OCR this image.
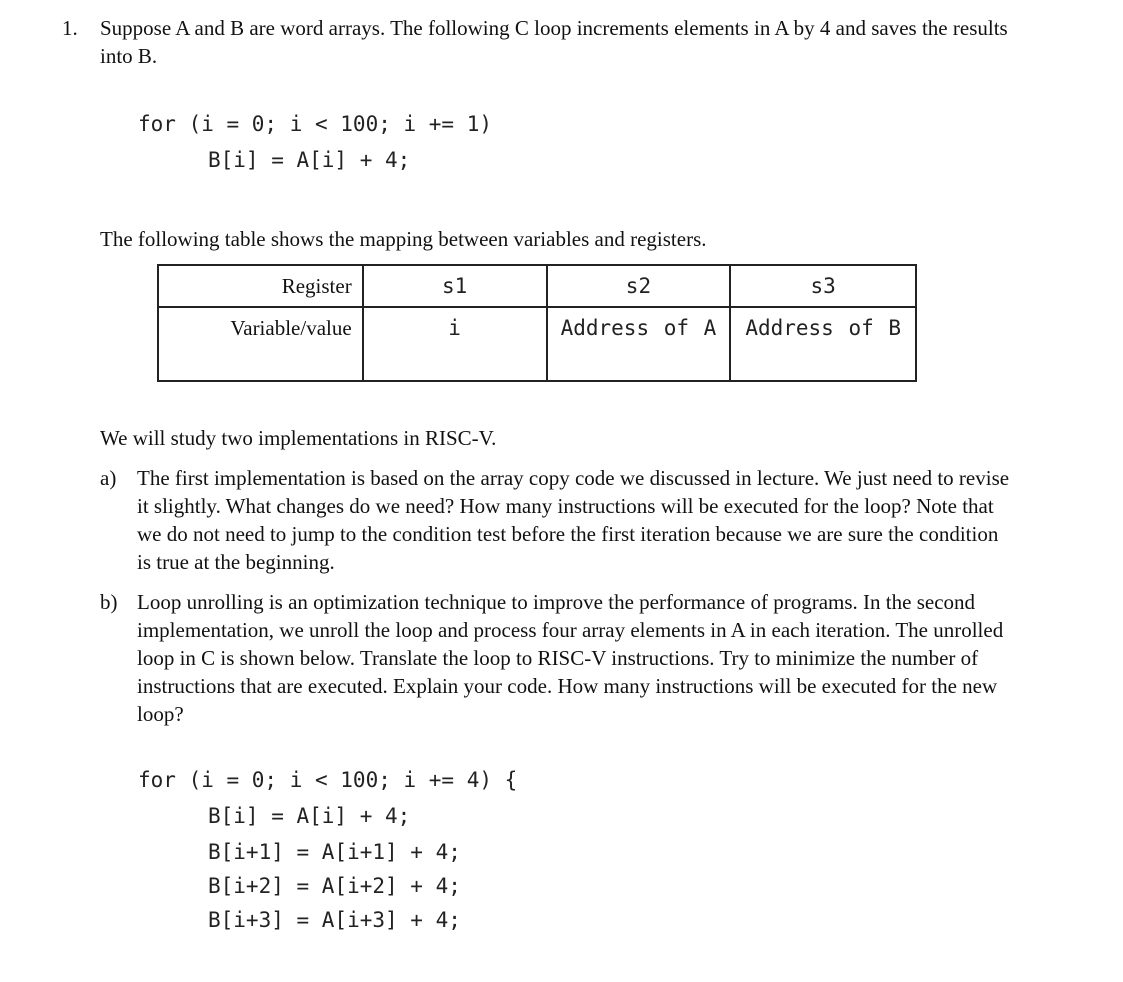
1. Suppose A and B are word arrays. The following C loop increments elements in A by 4 and saves the results into B.
for (i = 0; i < 100; i += 1)
B[i] = A[i] + 4;
The following table shows the mapping between variables and registers.
Register	s1	s2	s3
Variable/value	i	Address of A	Address of B
We will study two implementations in RISC-V.
a) The first implementation is based on the array copy code we discussed in lecture. We just need to revise it slightly. What changes do we need? How many instructions will be executed for the loop? Note that we do not need to jump to the condition test before the first iteration because we are sure the condition is true at the beginning.
b) Loop unrolling is an optimization technique to improve the performance of programs. In the second implementation, we unroll the loop and process four array elements in A in each iteration. The unrolled loop in C is shown below. Translate the loop to RISC-V instructions. Try to minimize the number of instructions that are executed. Explain your code. How many instructions will be executed for the new loop?
for (i = 0; i < 100; i += 4) {
B[i] = A[i] + 4;
B[i+1] = A[i+1] + 4;
B[i+2] = A[i+2] + 4;
B[i+3] = A[i+3] + 4;
